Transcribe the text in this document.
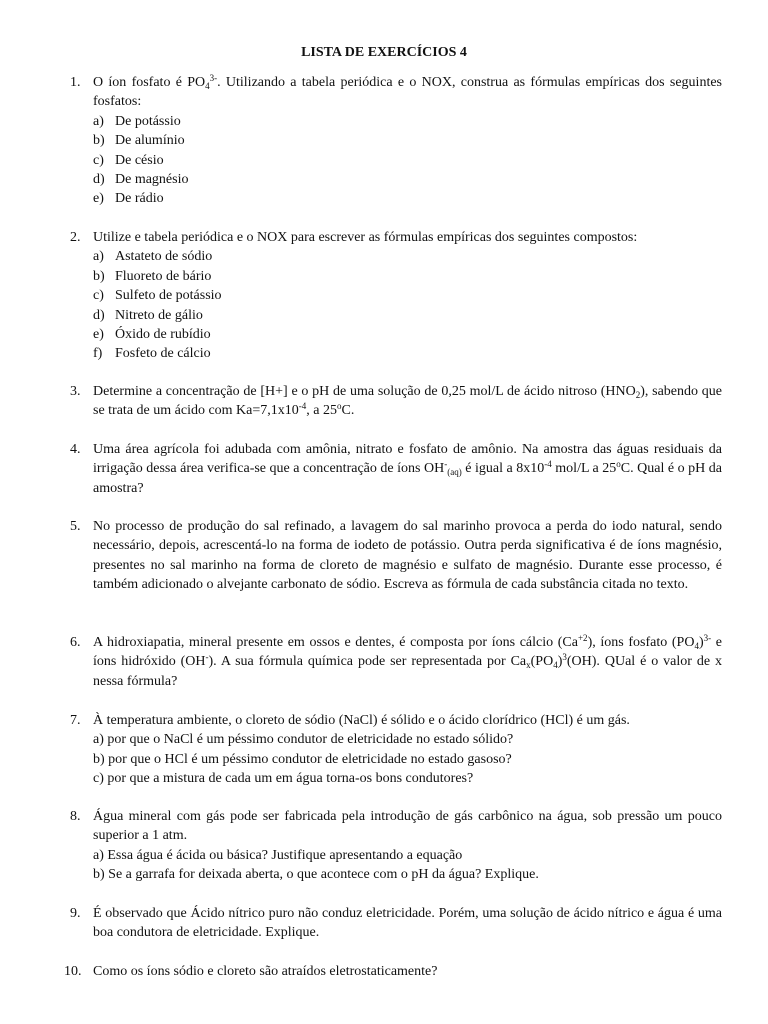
LISTA DE EXERCÍCIOS 4
1. O íon fosfato é $PO_4^{3-}$. Utilizando a tabela periódica e o NOX, construa as fórmulas empíricas dos seguintes fosfatos:
a) De potássio
b) De alumínio
c) De césio
d) De magnésio
e) De rádio
2. Utilize e tabela periódica e o NOX para escrever as fórmulas empíricas dos seguintes compostos:
a) Astateto de sódio
b) Fluoreto de bário
c) Sulfeto de potássio
d) Nitreto de gálio
e) Óxido de rubídio
f) Fosfeto de cálcio
3. Determine a concentração de [H+] e o pH de uma solução de 0,25 mol/L de ácido nitroso $(HNO_2)$, sabendo que se trata de um ácido com $Ka=7,1x10^{-4}$, a 25$^o$C.
4. Uma área agrícola foi adubada com amônia, nitrato e fosfato de amônio. Na amostra das águas residuais da irrigação dessa área verifica-se que a concentração de íons $OH^-_{(aq)}$ é igual a $8x10^{-4}$ mol/L a 25$^o$C. Qual é o pH da amostra?
5. No processo de produção do sal refinado, a lavagem do sal marinho provoca a perda do iodo natural, sendo necessário, depois, acrescentá-lo na forma de iodeto de potássio. Outra perda significativa é de íons magnésio, presentes no sal marinho na forma de cloreto de magnésio e sulfato de magnésio. Durante esse processo, é também adicionado o alvejante carbonato de sódio. Escreva as fórmula de cada substância citada no texto.
6. A hidroxiapatia, mineral presente em ossos e dentes, é composta por íons cálcio $(Ca^{+2})$, íons fosfato $(PO_4)^{3-}$ e íons hidróxido (OH-). A sua fórmula química pode ser representada por $Ca_x(PO_4)^3(OH)$. QUal é o valor de x nessa fórmula?
7. À temperatura ambiente, o cloreto de sódio (NaCl) é sólido e o ácido clorídrico (HCl) é um gás.
a) por que o NaCl é um péssimo condutor de eletricidade no estado sólido?
b) por que o HCl é um péssimo condutor de eletricidade no estado gasoso?
c) por que a mistura de cada um em água torna-os bons condutores?
8. Água mineral com gás pode ser fabricada pela introdução de gás carbônico na água, sob pressão um pouco superior a 1 atm.
a) Essa água é ácida ou básica? Justifique apresentando a equação
b) Se a garrafa for deixada aberta, o que acontece com o pH da água? Explique.
9. É observado que Ácido nítrico puro não conduz eletricidade. Porém, uma solução de ácido nítrico e água é uma boa condutora de eletricidade. Explique.
10. Como os íons sódio e cloreto são atraídos eletrostaticamente?
